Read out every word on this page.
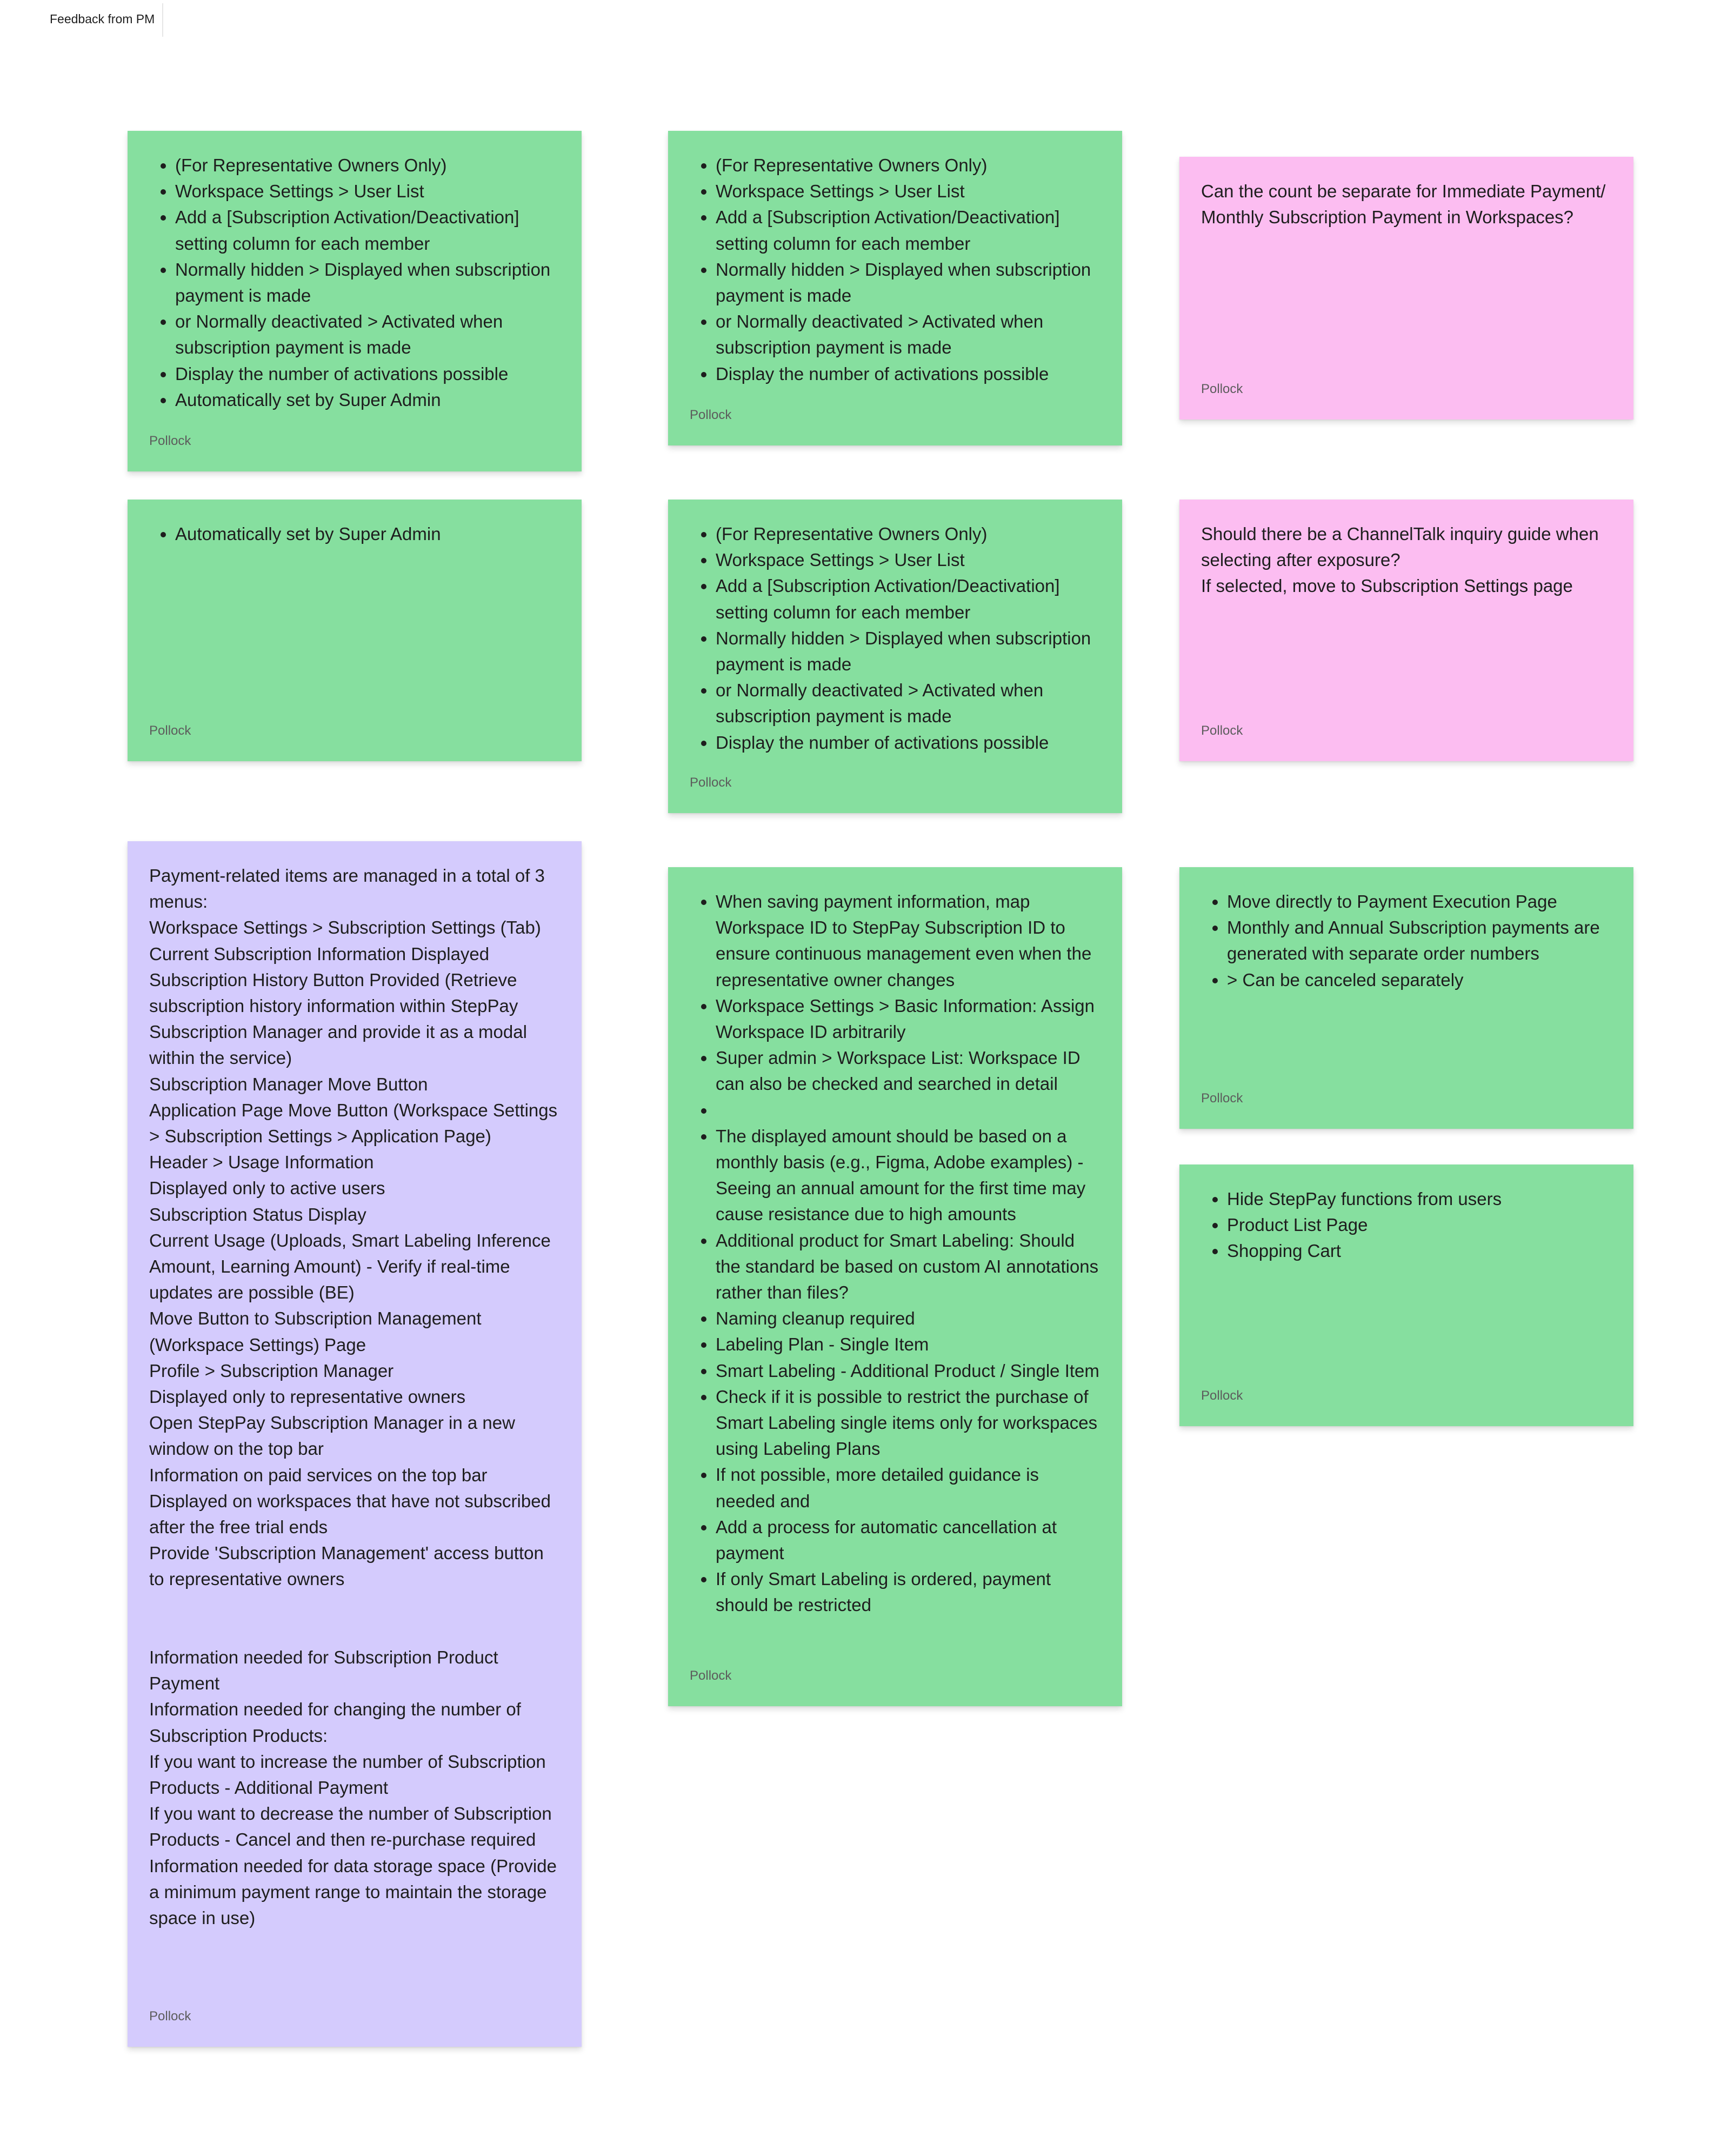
Feedback from PM
• (For Representative Owners Only)
• Workspace Settings > User List
• Add a [Subscription Activation/Deactivation] setting column for each member
• Normally hidden > Displayed when subscription payment is made
• or Normally deactivated > Activated when subscription payment is made
• Display the number of activations possible
• Automatically set by Super Admin
Pollock
• (For Representative Owners Only)
• Workspace Settings > User List
• Add a [Subscription Activation/Deactivation] setting column for each member
• Normally hidden > Displayed when subscription payment is made
• or Normally deactivated > Activated when subscription payment is made
• Display the number of activations possible
Pollock
Can the count be separate for Immediate Payment/ Monthly Subscription Payment in Workspaces?
Pollock
• Automatically set by Super Admin
Pollock
• (For Representative Owners Only)
• Workspace Settings > User List
• Add a [Subscription Activation/Deactivation] setting column for each member
• Normally hidden > Displayed when subscription payment is made
• or Normally deactivated > Activated when subscription payment is made
• Display the number of activations possible
Pollock
Should there be a ChannelTalk inquiry guide when selecting after exposure?
If selected, move to Subscription Settings page
Pollock
Payment-related items are managed in a total of 3 menus:
Workspace Settings > Subscription Settings (Tab)
Current Subscription Information Displayed
Subscription History Button Provided (Retrieve subscription history information within StepPay Subscription Manager and provide it as a modal within the service)
Subscription Manager Move Button
Application Page Move Button (Workspace Settings > Subscription Settings > Application Page)
Header > Usage Information
Displayed only to active users
Subscription Status Display
Current Usage (Uploads, Smart Labeling Inference Amount, Learning Amount) - Verify if real-time updates are possible (BE)
Move Button to Subscription Management (Workspace Settings) Page
Profile > Subscription Manager
Displayed only to representative owners
Open StepPay Subscription Manager in a new window on the top bar
Information on paid services on the top bar
Displayed on workspaces that have not subscribed after the free trial ends
Provide 'Subscription Management' access button to representative owners
Information needed for Subscription Product Payment
Information needed for changing the number of Subscription Products:
If you want to increase the number of Subscription Products - Additional Payment
If you want to decrease the number of Subscription Products - Cancel and then re-purchase required
Information needed for data storage space (Provide a minimum payment range to maintain the storage space in use)
Pollock
• When saving payment information, map Workspace ID to StepPay Subscription ID to ensure continuous management even when the representative owner changes
• Workspace Settings > Basic Information: Assign Workspace ID arbitrarily
• Super admin > Workspace List: Workspace ID can also be checked and searched in detail
•
• The displayed amount should be based on a monthly basis (e.g., Figma, Adobe examples) - Seeing an annual amount for the first time may cause resistance due to high amounts
• Additional product for Smart Labeling: Should the standard be based on custom AI annotations rather than files?
• Naming cleanup required
• Labeling Plan - Single Item
• Smart Labeling - Additional Product / Single Item
• Check if it is possible to restrict the purchase of Smart Labeling single items only for workspaces using Labeling Plans
• If not possible, more detailed guidance is needed and
• Add a process for automatic cancellation at payment
• If only Smart Labeling is ordered, payment should be restricted
Pollock
• Move directly to Payment Execution Page
• Monthly and Annual Subscription payments are generated with separate order numbers
• > Can be canceled separately
Pollock
• Hide StepPay functions from users
• Product List Page
• Shopping Cart
Pollock
